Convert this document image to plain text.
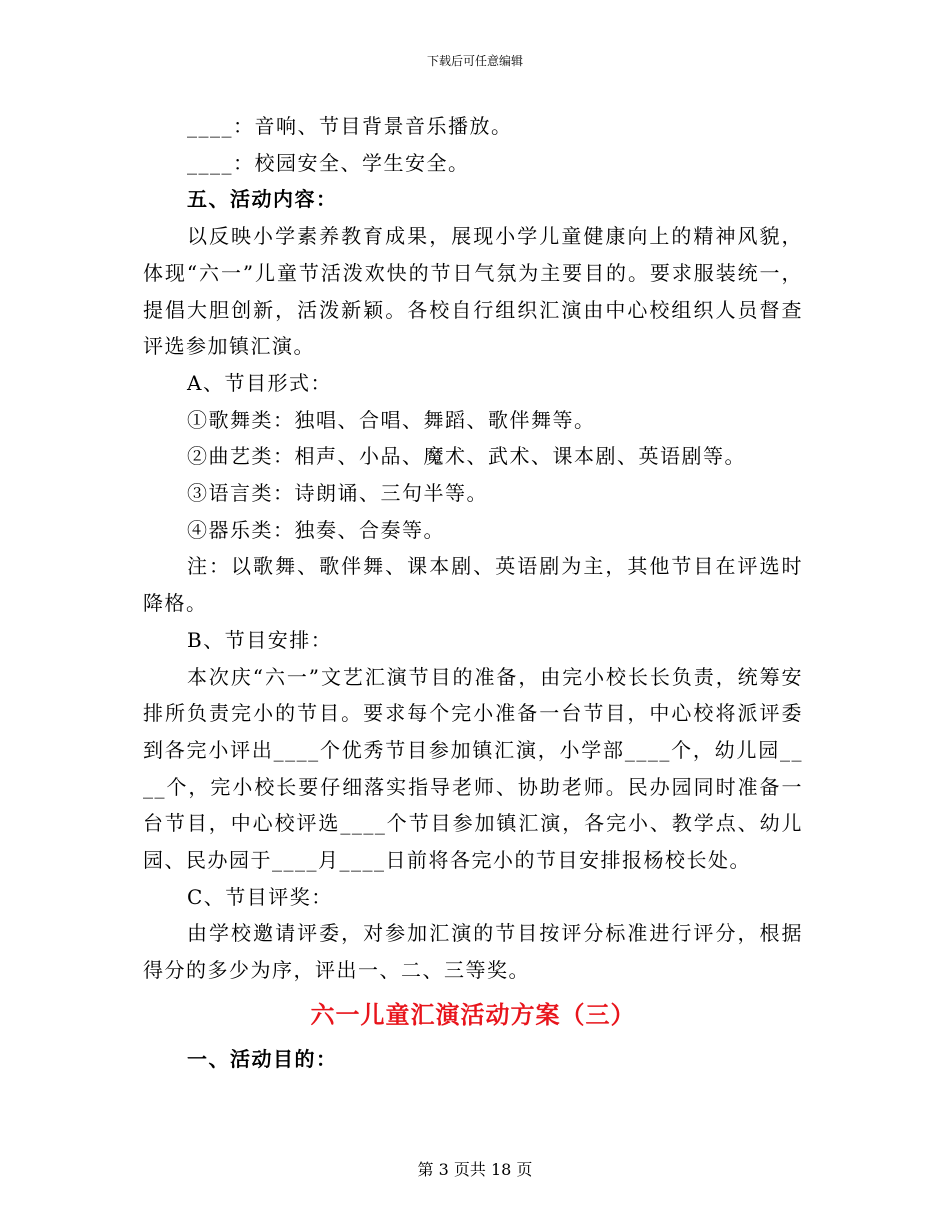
下载后可任意编辑

____：音响、节目背景音乐播放。

____：校园安全、学生安全。

五、活动内容：

以反映小学素养教育成果，展现小学儿童健康向上的精神风貌，体现“六一”儿童节活泼欢快的节日气氛为主要目的。要求服装统一，提倡大胆创新，活泼新颖。各校自行组织汇演由中心校组织人员督查评选参加镇汇演。

A、节目形式：

①歌舞类：独唱、合唱、舞蹈、歌伴舞等。

②曲艺类：相声、小品、魔术、武术、课本剧、英语剧等。

③语言类：诗朗诵、三句半等。

④器乐类：独奏、合奏等。

注：以歌舞、歌伴舞、课本剧、英语剧为主，其他节目在评选时降格。

B、节目安排：

本次庆“六一”文艺汇演节目的准备，由完小校长长负责，统筹安排所负责完小的节目。要求每个完小准备一台节目，中心校将派评委到各完小评出____个优秀节目参加镇汇演，小学部____个，幼儿园____个，完小校长要仔细落实指导老师、协助老师。民办园同时准备一台节目，中心校评选____个节目参加镇汇演，各完小、教学点、幼儿园、民办园于____月____日前将各完小的节目安排报杨校长处。

C、节目评奖：

由学校邀请评委，对参加汇演的节目按评分标准进行评分，根据得分的多少为序，评出一、二、三等奖。

六一儿童汇演活动方案（三）
一、活动目的：
第 3 页共 18 页
